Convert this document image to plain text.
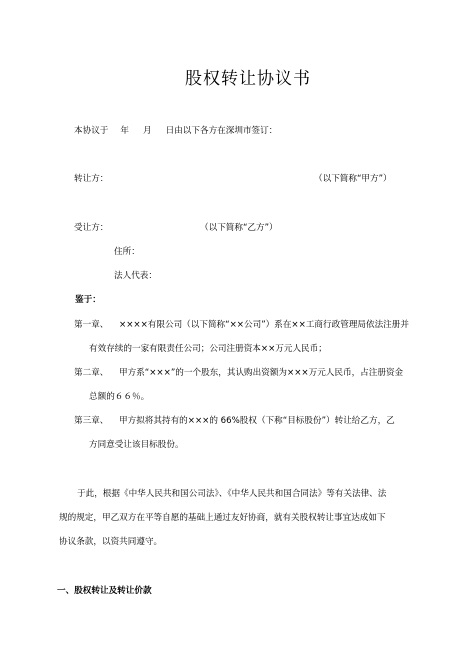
股权转让协议书
本协议于 年 月 日由以下各方在深圳市签订：
转让方：	（以下简称“甲方”）
受让方：	（以下简称“乙方”）
住所：
法人代表：
鉴于：
第一章、 ××××有限公司（以下简称“××公司”）系在××工商行政管理局依法注册并
有效存续的一家有限责任公司；公司注册资本××万元人民币；
第二章、 甲方系“×××”的一个股东，其认购出资额为×××万元人民币，占注册资金
总额的６６％。
第三章、 甲方拟将其持有的×××的 66%股权（下称“目标股份”）转让给乙方，乙
方同意受让该目标股份。
于此，根据《中华人民共和国公司法》、《中华人民共和国合同法》等有关法律、法
规的规定，甲乙双方在平等自愿的基础上通过友好协商，就有关股权转让事宜达成如下
协议条款，以资共同遵守。
一、股权转让及转让价款
